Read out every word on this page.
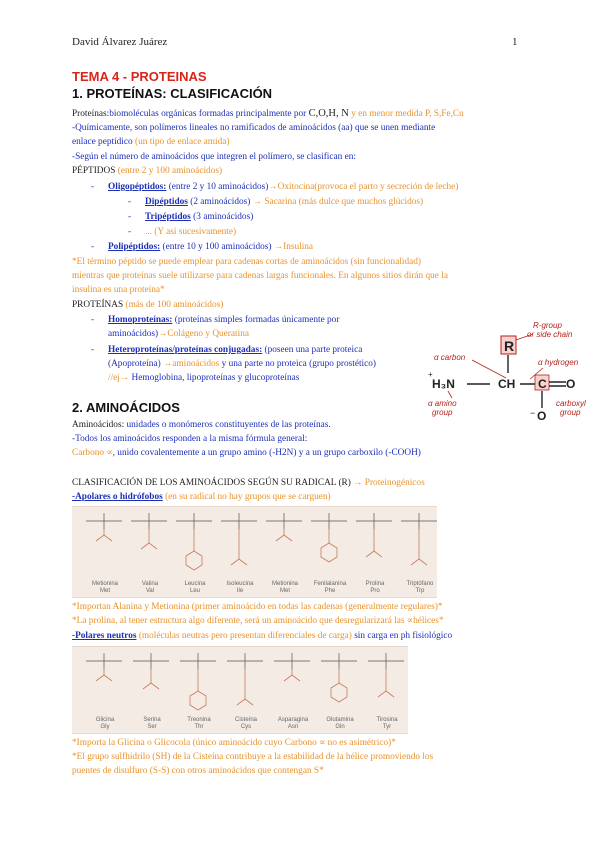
David Álvarez Juárez	1
TEMA 4 - PROTEINAS
1. PROTEÍNAS: CLASIFICACIÓN
Proteínas:biomoléculas orgánicas formadas principalmente por C,O,H, N y en menor medida P, S,Fe,Cu
-Químicamente, son polímeros lineales no ramificados de aminoácidos (aa) que se unen mediante
enlace peptídico (un tipo de enlace amida)
-Según el número de aminoácidos que integren el polímero, se clasifican en:
PÉPTIDOS (entre 2 y 100 aminoácidos)
- Oligopéptidos: (entre 2 y 10 aminoácidos)→Oxitocina(provoca el parto y secreción de leche)
- Dipéptidos (2 aminoácidos) → Sacarina (más dulce que muchos glúcidos)
- Tripéptidos (3 aminoácidos)
- ... (Y así sucesivamente)
- Polipéptidos: (entre 10 y 100 aminoácidos) →Insulina
*El término péptido se puede emplear para cadenas cortas de aminoácidos (sin funcionalidad)
mientras que proteínas suele utilizarse para cadenas largas funcionales. En algunos sitios dirán que la
insulina es una proteína*
PROTEÍNAS (más de 100 aminoácidos)
- Homoproteínas: (proteínas simples formadas únicamente por
aminoácidos)→Colágeno y Queratina
- Heteroproteínas/proteínas conjugadas: (poseen una parte proteica
(Apoproteína) →aminoácidos y una parte no proteica (grupo prostético)
//ej→ Hemoglobina, lipoproteínas y glucoproteínas
R-group
or side chain
R
α carbon
α hydrogen
+
H₃N	CH C O
O
−
α amino
group
carboxyl
group
2. AMINOÁCIDOS
Aminoácidos: unidades o monómeros constituyentes de las proteínas.
-Todos los aminoácidos responden a la misma fórmula general:
Carbono ∝, unido covalentemente a un grupo amino (-H2N) y a un grupo carboxilo (-COOH)
CLASIFICACIÓN DE LOS AMINOÁCIDOS SEGÚN SU RADICAL (R) → Proteinogénicos
-Apolares o hidrófobos (en su radical no hay grupos que se carguen)
Metionina
Met
Valina
Val
Leucina
Leu
Isoleucina
Ile
Metionina
Met
Fenilalanina
Phe
Prolina
Pro
Triptófano
Trp
*Importan Alanina y Metionina (primer aminoácido en todas las cadenas (generalmente regulares)*
*La prolina, al tener estructura algo diferente, será un aminoácido que desregularizará las ∝hélices*
-Polares neutros (moléculas neutras pero presentan diferenciales de carga) sin carga en ph fisiológico
Glicina
Gly
Serina
Ser
Treonina
Thr
Cisteína
Cys
Asparagina
Asn
Glutamina
Gln
Tirosina
Tyr
*Importa la Glicina o Glicocola (único aminoácido cuyo Carbono ∝ no es asimétrico)*
*El grupo sulfhidrilo (SH) de la Cisteína contribuye a la estabilidad de la hélice promoviendo los
puentes de disulfuro (S-S) con otros aminoácidos que contengan S*
